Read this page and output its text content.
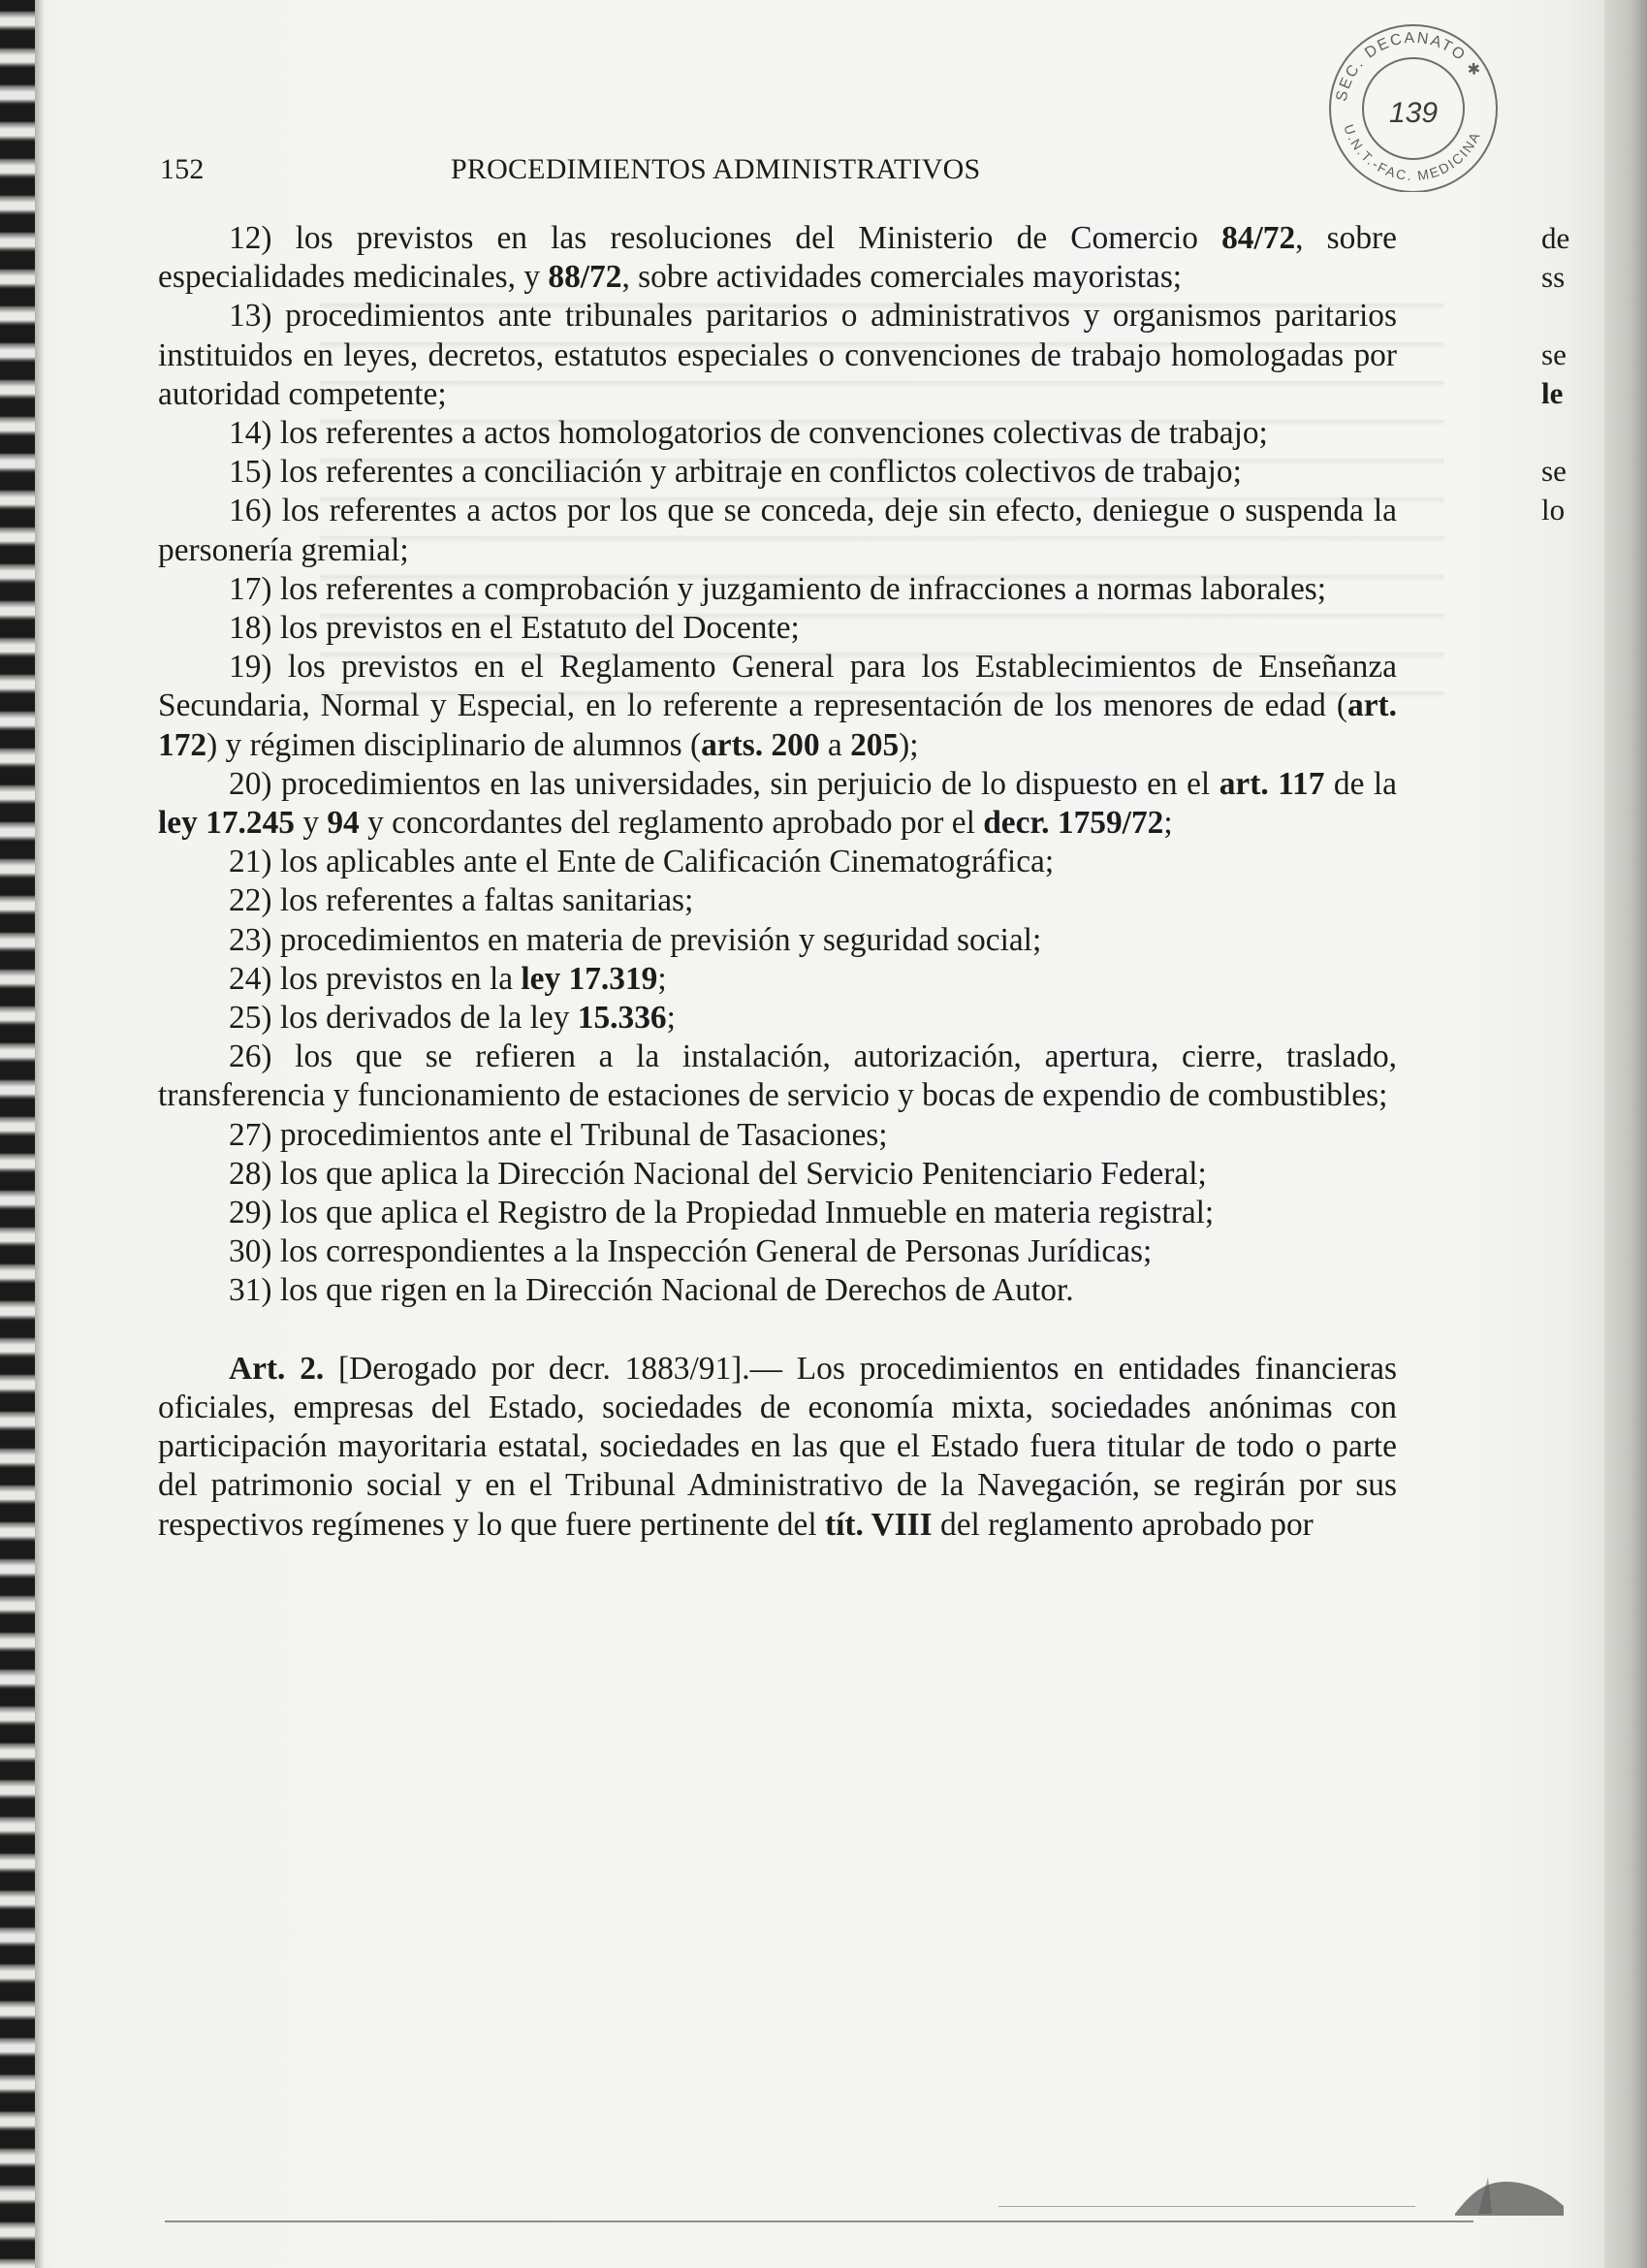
152	PROCEDIMIENTOS ADMINISTRATIVOS
SEC. DECANATO ✱
U.N.T.-FAC. MEDICINA
139

12) los previstos en las resoluciones del Ministerio de Comercio 84/72, sobre especialidades medicinales, y 88/72, sobre actividades comerciales mayoristas;

13) procedimientos ante tribunales paritarios o administrativos y organismos paritarios instituidos en leyes, decretos, estatutos especiales o convenciones de trabajo homologadas por autoridad competente;

14) los referentes a actos homologatorios de convenciones colectivas de trabajo;

15) los referentes a conciliación y arbitraje en conflictos colectivos de trabajo;

16) los referentes a actos por los que se conceda, deje sin efecto, deniegue o suspenda la personería gremial;

17) los referentes a comprobación y juzgamiento de infracciones a normas laborales;

18) los previstos en el Estatuto del Docente;

19) los previstos en el Reglamento General para los Establecimientos de Enseñanza Secundaria, Normal y Especial, en lo referente a representación de los menores de edad (art. 172) y régimen disciplinario de alumnos (arts. 200 a 205);

20) procedimientos en las universidades, sin perjuicio de lo dispuesto en el art. 117 de la ley 17.245 y 94 y concordantes del reglamento aprobado por el decr. 1759/72;

21) los aplicables ante el Ente de Calificación Cinematográfica;

22) los referentes a faltas sanitarias;

23) procedimientos en materia de previsión y seguridad social;

24) los previstos en la ley 17.319;

25) los derivados de la ley 15.336;

26) los que se refieren a la instalación, autorización, apertura, cierre, traslado, transferencia y funcionamiento de estaciones de servicio y bocas de expendio de combustibles;

27) procedimientos ante el Tribunal de Tasaciones;

28) los que aplica la Dirección Nacional del Servicio Penitenciario Federal;

29) los que aplica el Registro de la Propiedad Inmueble en materia registral;

30) los correspondientes a la Inspección General de Personas Jurídicas;

31) los que rigen en la Dirección Nacional de Derechos de Autor.

Art. 2. [Derogado por decr. 1883/91].— Los procedimientos en entidades financieras oficiales, empresas del Estado, sociedades de economía mixta, sociedades anónimas con participación mayoritaria estatal, sociedades en las que el Estado fuera titular de todo o parte del patrimonio social y en el Tribunal Administrativo de la Navegación, se regirán por sus respectivos regímenes y lo que fuere pertinente del tít. VIII del reglamento aprobado por

de
ss
se
le
se
lo
